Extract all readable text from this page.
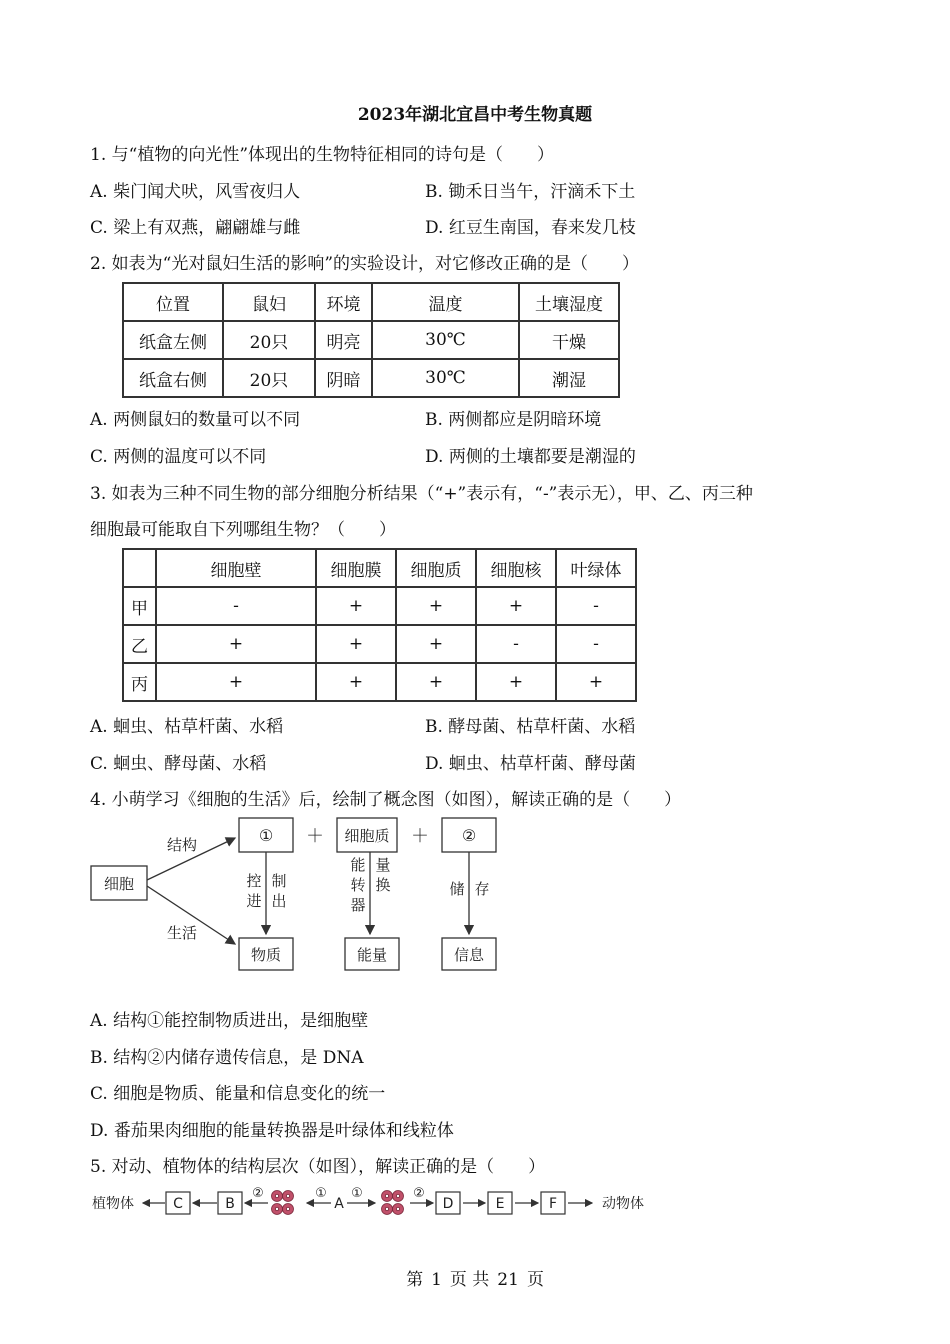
2023年湖北宜昌中考生物真题
1. 与“植物的向光性”体现出的生物特征相同的诗句是（　　）
A. 柴门闻犬吠，风雪夜归人	B. 锄禾日当午，汗滴禾下土
C. 梁上有双燕，翩翩雄与雌	D. 红豆生南国，春来发几枝
2. 如表为“光对鼠妇生活的影响”的实验设计，对它修改正确的是（　　）
位置	鼠妇	环境	温度	土壤湿度
纸盒左侧	20只	明亮	30℃	干燥
纸盒右侧	20只	阴暗	30℃	潮湿
A. 两侧鼠妇的数量可以不同	B. 两侧都应是阴暗环境
C. 两侧的温度可以不同	D. 两侧的土壤都要是潮湿的
3. 如表为三种不同生物的部分细胞分析结果（“+”表示有，“-”表示无），甲、乙、丙三种
细胞最可能取自下列哪组生物？（　　）
	细胞壁	细胞膜	细胞质	细胞核	叶绿体
甲	-	+	+	+	-
乙	+	+	+	-	-
丙	+	+	+	+	+
A. 蛔虫、枯草杆菌、水稻	B. 酵母菌、枯草杆菌、水稻
C. 蛔虫、酵母菌、水稻	D. 蛔虫、枯草杆菌、酵母菌
4. 小萌学习《细胞的生活》后，绘制了概念图（如图），解读正确的是（　　）
细胞
结构
生活
① ＋ 细胞质 ＋ ②
控
进
制
出
能
转
器
量
换	储 存
物质	能量	信息
A. 结构①能控制物质进出，是细胞壁
B. 结构②内储存遗传信息，是 DNA
C. 细胞是物质、能量和信息变化的统一
D. 番茄果肉细胞的能量转换器是叶绿体和线粒体
5. 对动、植物体的结构层次（如图），解读正确的是（　　）
植物体	C	B
②	①
A
①	②
D	E	F	动物体
第 1 页 共 21 页
